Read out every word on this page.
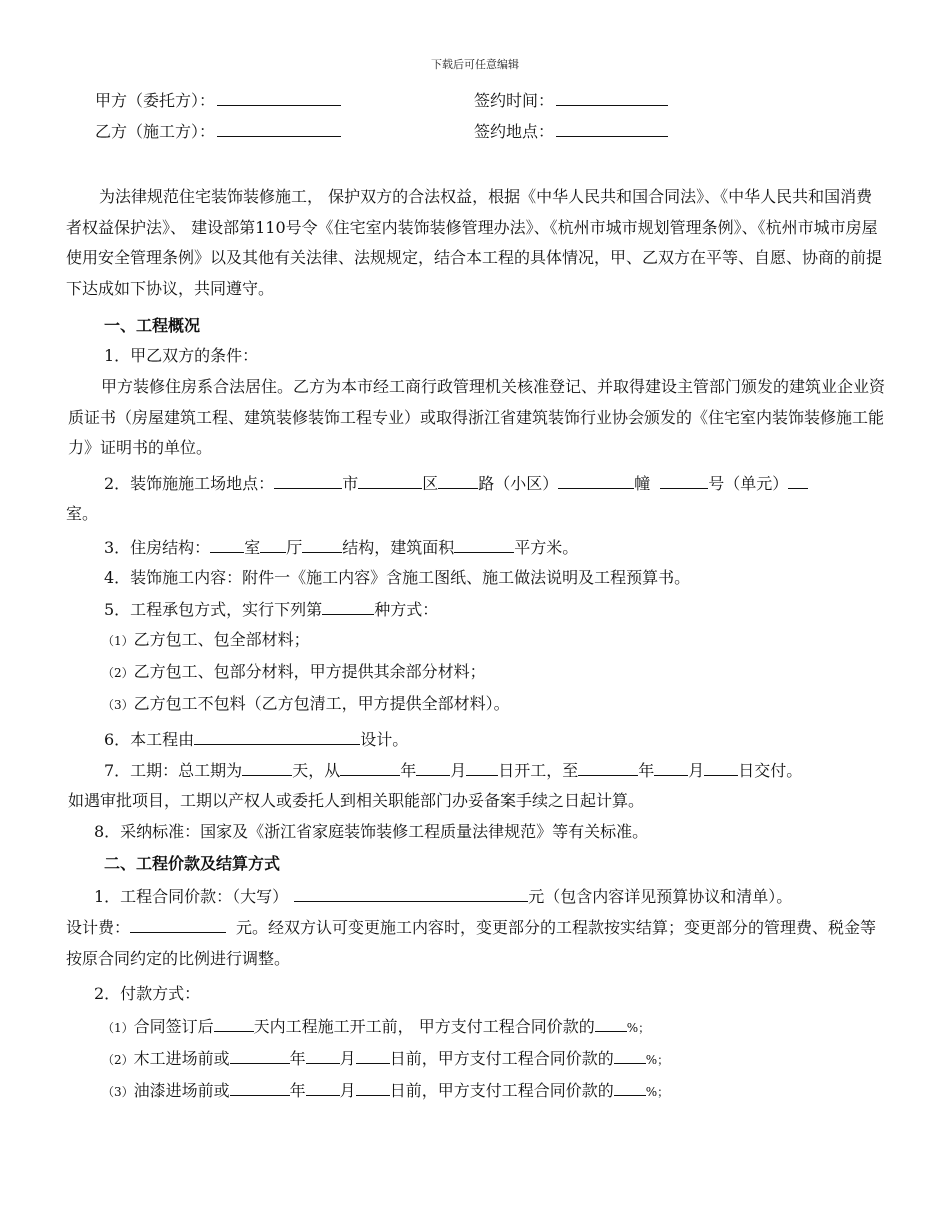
下载后可任意编辑
甲方（委托方）：	签约时间：
乙方（施工方）：	签约地点：
为法律规范住宅装饰装修施工， 保护双方的合法权益，根据《中华人民共和国合同法》、《中华人民共和国消费者权益保护法》、 建设部第110号令《住宅室内装饰装修管理办法》、《杭州市城市规划管理条例》、《杭州市城市房屋使用安全管理条例》以及其他有关法律、法规规定，结合本工程的具体情况，甲、乙双方在平等、自愿、协商的前提下达成如下协议，共同遵守。
一、工程概况
1．甲乙双方的条件：
甲方装修住房系合法居住。乙方为本市经工商行政管理机关核准登记、并取得建设主管部门颁发的建筑业企业资质证书（房屋建筑工程、建筑装修装饰工程专业）或取得浙江省建筑装饰行业协会颁发的《住宅室内装饰装修施工能力》证明书的单位。
2．装饰施施工场地点：	市	区	路（小区）	幢	号（单元）
室。
3．住房结构： 室 厅	结构，建筑面积	平方米。
4．装饰施工内容：附件一《施工内容》含施工图纸、施工做法说明及工程预算书。
5．工程承包方式，实行下列第	种方式：
（1）乙方包工、包全部材料；
（2）乙方包工、包部分材料，甲方提供其余部分材料；
（3）乙方包工不包料（乙方包清工，甲方提供全部材料）。
6．本工程由	设计。
7．工期：总工期为	天，从	年 月 日开工，至	年 月 日交付。
如遇审批项目，工期以产权人或委托人到相关职能部门办妥备案手续之日起计算。
8．采纳标准：国家及《浙江省家庭装饰装修工程质量法律规范》等有关标准。
二、工程价款及结算方式
1．工程合同价款：（大写）	元（包含内容详见预算协议和清单）。
设计费：	元。经双方认可变更施工内容时，变更部分的工程款按实结算；变更部分的管理费、税金等按原合同约定的比例进行调整。
2．付款方式：
（1）合同签订后	天内工程施工开工前， 甲方支付工程合同价款的	%；
（2）木工进场前或	年 月 日前，甲方支付工程合同价款的	%；
（3）油漆进场前或	年 月 日前，甲方支付工程合同价款的	%；
